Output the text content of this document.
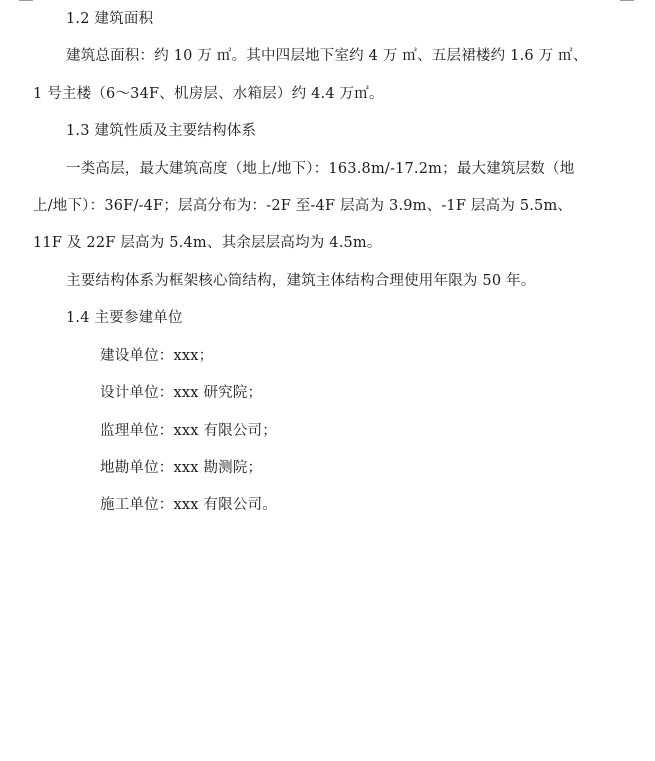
1.2 建筑面积
建筑总面积：约 10 万 ㎡。其中四层地下室约 4 万 ㎡、五层裙楼约 1.6 万 ㎡、
1 号主楼（6～34F、机房层、水箱层）约 4.4 万㎡。
1.3 建筑性质及主要结构体系
一类高层，最大建筑高度（地上/地下）：163.8m/-17.2m；最大建筑层数（地
上/地下）：36F/-4F；层高分布为：-2F 至-4F 层高为 3.9m、-1F 层高为 5.5m、
11F 及 22F 层高为 5.4m、其余层层高均为 4.5m。
主要结构体系为框架核心筒结构，建筑主体结构合理使用年限为 50 年。
1.4 主要参建单位
建设单位：xxx；
设计单位：xxx 研究院；
监理单位：xxx 有限公司；
地勘单位：xxx 勘测院；
施工单位：xxx 有限公司。
